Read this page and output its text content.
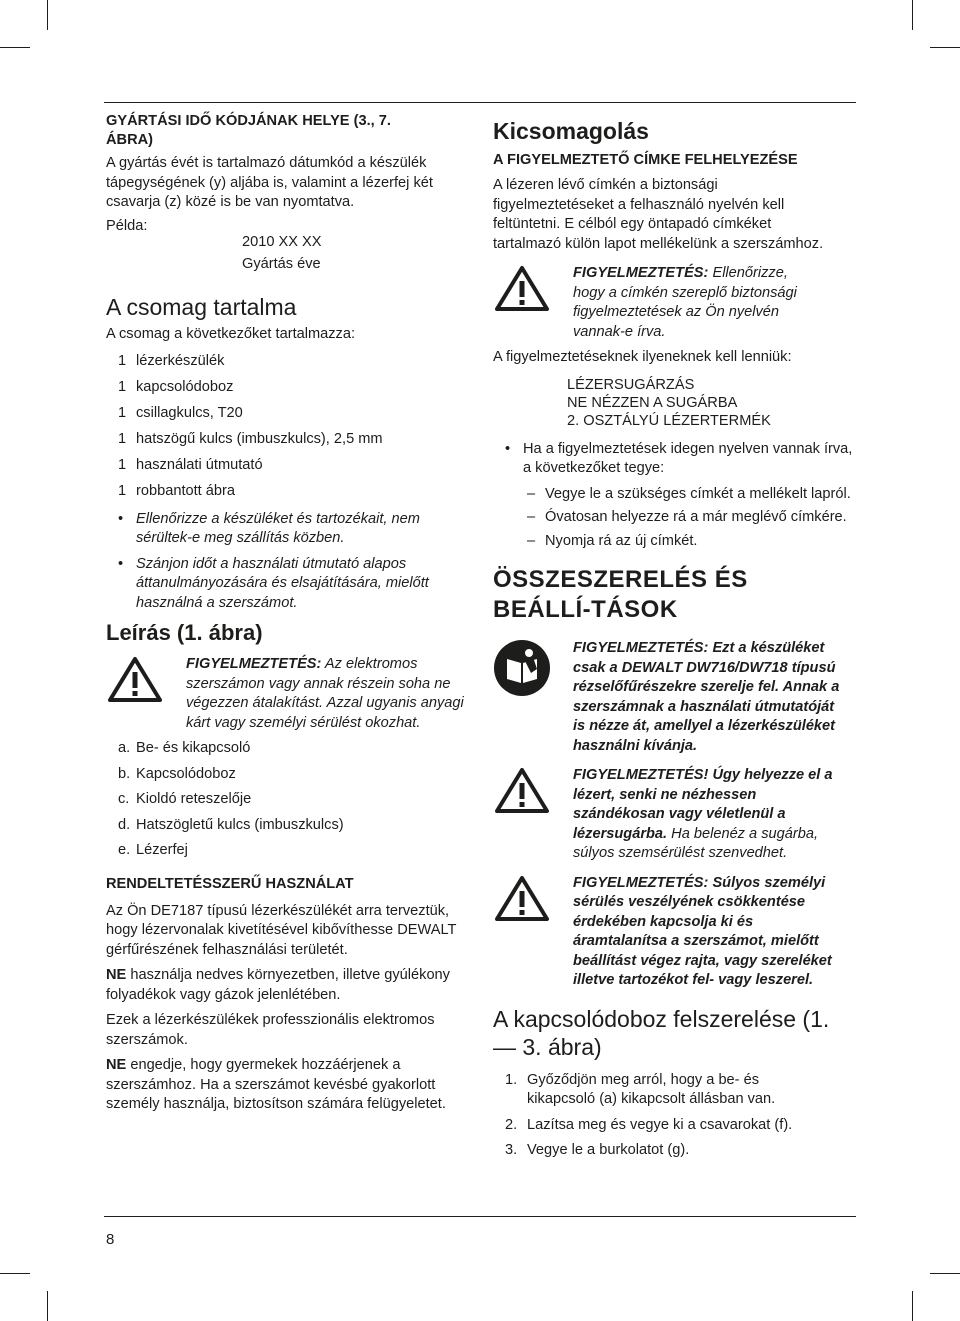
GYÁRTÁSI IDŐ KÓDJÁNAK HELYE (3., 7. ÁBRA)

A gyártás évét is tartalmazó dátumkód a készülék tápegységének (y) aljába is, valamint a lézerfej két csavarja (z) közé is be van nyomtatva.

Példa:
2010 XX XX
Gyártás éve
A csomag tartalma

A csomag a következőket tartalmazza:

1 lézerkészülék
1 kapcsolódoboz
1 csillagkulcs, T20
1 hatszögű kulcs (imbuszkulcs), 2,5 mm
1 használati útmutató
1 robbantott ábra
• Ellenőrizze a készüléket és tartozékait, nem sérültek-e meg szállítás közben.
• Szánjon időt a használati útmutató alapos áttanulmányozására és elsajátítására, mielőtt használná a szerszámot.
Leírás (1. ábra)
FIGYELMEZTETÉS: Az elektromos szerszámon vagy annak részein soha ne végezzen átalakítást. Azzal ugyanis anyagi kárt vagy személyi sérülést okozhat.
a. Be- és kikapcsoló
b. Kapcsolódoboz
c. Kioldó reteszelője
d. Hatszögletű kulcs (imbuszkulcs)
e. Lézerfej
RENDELTETÉSSZERŰ HASZNÁLAT

Az Ön DE7187 típusú lézerkészülékét arra terveztük, hogy lézervonalak kivetítésével kibővíthesse DEWALT gérfűrészének felhasználási területét.

NE használja nedves környezetben, illetve gyúlékony folyadékok vagy gázok jelenlétében.

Ezek a lézerkészülékek professzionális elektromos szerszámok.

NE engedje, hogy gyermekek hozzáérjenek a szerszámhoz. Ha a szerszámot kevésbé gyakorlott személy használja, biztosítson számára felügyeletet.

Kicsomagolás
A FIGYELMEZTETŐ CÍMKE FELHELYEZÉSE

A lézeren lévő címkén a biztonsági figyelmeztetéseket a felhasználó nyelvén kell feltüntetni. E célból egy öntapadó címkéket tartalmazó külön lapot mellékelünk a szerszámhoz.

FIGYELMEZTETÉS: Ellenőrizze, hogy a címkén szereplő biztonsági figyelmeztetések az Ön nyelvén vannak-e írva.

A figyelmeztetéseknek ilyeneknek kell lenniük:

LÉZERSUGÁRZÁS
NE NÉZZEN A SUGÁRBA
2. OSZTÁLYÚ LÉZERTERMÉK
• Ha a figyelmeztetések idegen nyelven vannak írva, a következőket tegye:
– Vegye le a szükséges címkét a mellékelt lapról.
– Óvatosan helyezze rá a már meglévő címkére.
– Nyomja rá az új címkét.
ÖSSZESZERELÉS ÉS BEÁLLÍ-TÁSOK
FIGYELMEZTETÉS: Ezt a készüléket csak a DEWALT DW716/DW718 típusú rézselőfűrészekre szerelje fel. Annak a szerszámnak a használati útmutatóját is nézze át, amellyel a lézerkészüléket használni kívánja.
FIGYELMEZTETÉS! Úgy helyezze el a lézert, senki ne nézhessen szándékosan vagy véletlenül a lézersugárba. Ha belenéz a sugárba, súlyos szemsérülést szenvedhet.
FIGYELMEZTETÉS: Súlyos személyi sérülés veszélyének csökkentése érdekében kapcsolja ki és áramtalanítsa a szerszámot, mielőtt beállítást végez rajta, vagy szereléket illetve tartozékot fel- vagy leszerel.
A kapcsolódoboz felszerelése (1. — 3. ábra)
1. Győződjön meg arról, hogy a be- és kikapcsoló (a) kikapcsolt állásban van.
2. Lazítsa meg és vegye ki a csavarokat (f).
3. Vegye le a burkolatot (g).
8
